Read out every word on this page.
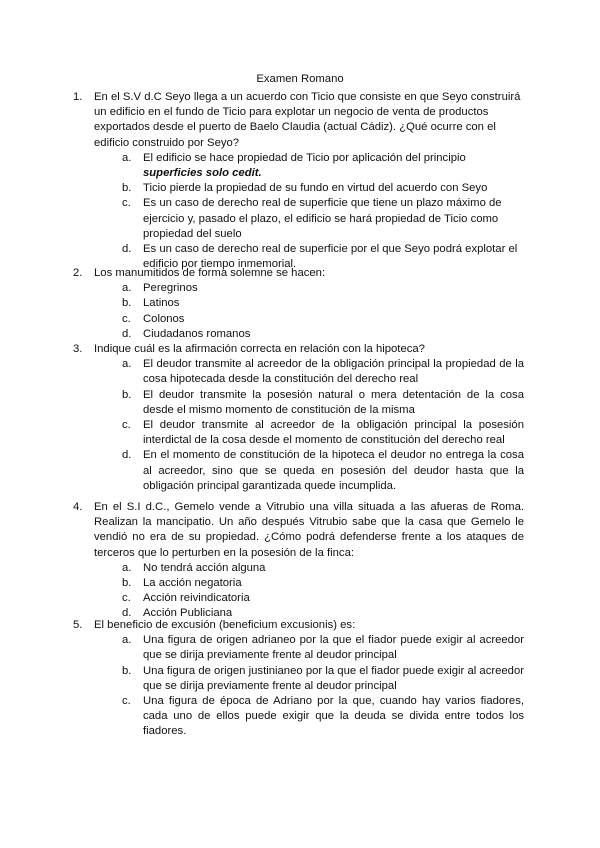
Examen Romano
1. En el S.V d.C Seyo llega a un acuerdo con Ticio que consiste en que Seyo construirá un edificio en el fundo de Ticio para explotar un negocio de venta de productos exportados desde el puerto de Baelo Claudia (actual Cádiz). ¿Qué ocurre con el edificio construido por Seyo?
a. El edificio se hace propiedad de Ticio por aplicación del principio superficies solo cedit.
b. Ticio pierde la propiedad de su fundo en virtud del acuerdo con Seyo
c. Es un caso de derecho real de superficie que tiene un plazo máximo de ejercicio y, pasado el plazo, el edificio se hará propiedad de Ticio como propiedad del suelo
d. Es un caso de derecho real de superficie por el que Seyo podrá explotar el edificio por tiempo inmemorial.
2. Los manumitidos de forma solemne se hacen:
a. Peregrinos
b. Latinos
c. Colonos
d. Ciudadanos romanos
3. Indique cuál es la afirmación correcta en relación con la hipoteca?
a. El deudor transmite al acreedor de la obligación principal la propiedad de la cosa hipotecada desde la constitución del derecho real
b. El deudor transmite la posesión natural o mera detentación de la cosa desde el mismo momento de constitución de la misma
c. El deudor transmite al acreedor de la obligación principal la posesión interdictal de la cosa desde el momento de constitución del derecho real
d. En el momento de constitución de la hipoteca el deudor no entrega la cosa al acreedor, sino que se queda en posesión del deudor hasta que la obligación principal garantizada quede incumplida.
4. En el S.I d.C., Gemelo vende a Vitrubio una villa situada a las afueras de Roma. Realizan la mancipatio. Un año después Vitrubio sabe que la casa que Gemelo le vendió no era de su propiedad. ¿Cómo podrá defenderse frente a los ataques de terceros que lo perturben en la posesión de la finca:
a. No tendrá acción alguna
b. La acción negatoria
c. Acción reivindicatoria
d. Acción Publiciana
5. El beneficio de excusión (beneficium excusionis) es:
a. Una figura de origen adrianeo por la que el fiador puede exigir al acreedor que se dirija previamente frente al deudor principal
b. Una figura de origen justinianeo por la que el fiador puede exigir al acreedor que se dirija previamente frente al deudor principal
c. Una figura de época de Adriano por la que, cuando hay varios fiadores, cada uno de ellos puede exigir que la deuda se divida entre todos los fiadores.
